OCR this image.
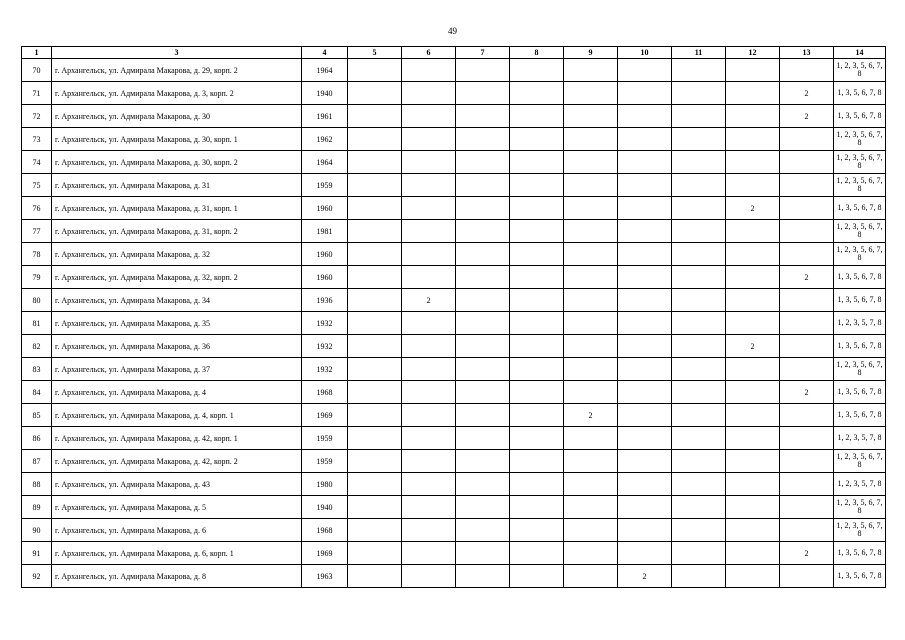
49
1	3	4	5	6	7	8	9	10	11	12	13	14
70	г. Архангельск, ул. Адмирала Макарова, д. 29, корп. 2	1964										1, 2, 3, 5, 6, 7, 8
71	г. Архангельск, ул. Адмирала Макарова, д. 3, корп. 2	1940									2	1, 3, 5, 6, 7, 8
72	г. Архангельск, ул. Адмирала Макарова, д. 30	1961									2	1, 3, 5, 6, 7, 8
73	г. Архангельск, ул. Адмирала Макарова, д. 30, корп. 1	1962										1, 2, 3, 5, 6, 7, 8
74	г. Архангельск, ул. Адмирала Макарова, д. 30, корп. 2	1964										1, 2, 3, 5, 6, 7, 8
75	г. Архангельск, ул. Адмирала Макарова, д. 31	1959										1, 2, 3, 5, 6, 7, 8
76	г. Архангельск, ул. Адмирала Макарова, д. 31, корп. 1	1960								2		1, 3, 5, 6, 7, 8
77	г. Архангельск, ул. Адмирала Макарова, д. 31, корп. 2	1981										1, 2, 3, 5, 6, 7, 8
78	г. Архангельск, ул. Адмирала Макарова, д. 32	1960										1, 2, 3, 5, 6, 7, 8
79	г. Архангельск, ул. Адмирала Макарова, д. 32, корп. 2	1960									2	1, 3, 5, 6, 7, 8
80	г. Архангельск, ул. Адмирала Макарова, д. 34	1936		2								1, 3, 5, 6, 7, 8
81	г. Архангельск, ул. Адмирала Макарова, д. 35	1932										1, 2, 3, 5, 7, 8
82	г. Архангельск, ул. Адмирала Макарова, д. 36	1932								2		1, 3, 5, 6, 7, 8
83	г. Архангельск, ул. Адмирала Макарова, д. 37	1932										1, 2, 3, 5, 6, 7, 8
84	г. Архангельск, ул. Адмирала Макарова, д. 4	1968									2	1, 3, 5, 6, 7, 8
85	г. Архангельск, ул. Адмирала Макарова, д. 4, корп. 1	1969					2					1, 3, 5, 6, 7, 8
86	г. Архангельск, ул. Адмирала Макарова, д. 42, корп. 1	1959										1, 2, 3, 5, 7, 8
87	г. Архангельск, ул. Адмирала Макарова, д. 42, корп. 2	1959										1, 2, 3, 5, 6, 7, 8
88	г. Архангельск, ул. Адмирала Макарова, д. 43	1980										1, 2, 3, 5, 7, 8
89	г. Архангельск, ул. Адмирала Макарова, д. 5	1940										1, 2, 3, 5, 6, 7, 8
90	г. Архангельск, ул. Адмирала Макарова, д. 6	1968										1, 2, 3, 5, 6, 7, 8
91	г. Архангельск, ул. Адмирала Макарова, д. 6, корп. 1	1969									2	1, 3, 5, 6, 7, 8
92	г. Архангельск, ул. Адмирала Макарова, д. 8	1963						2				1, 3, 5, 6, 7, 8
